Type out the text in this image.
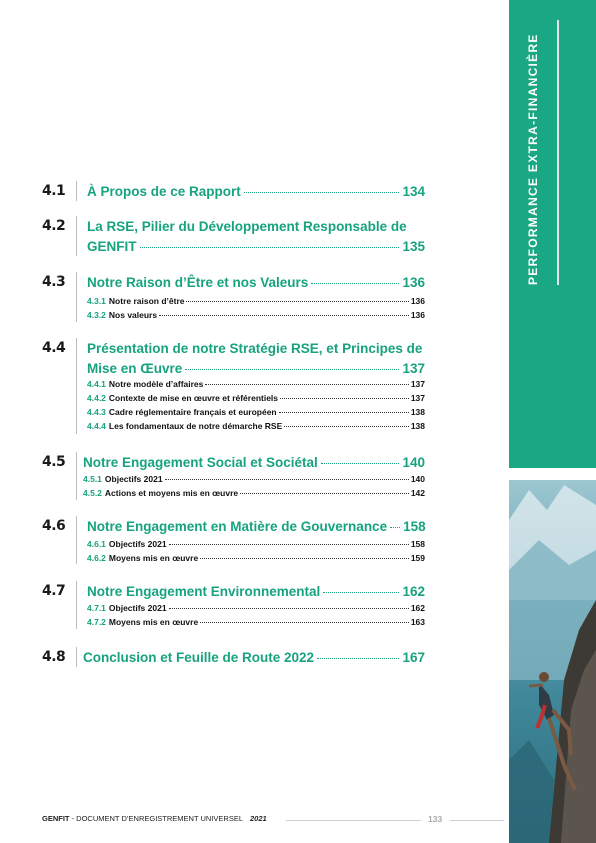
PERFORMANCE EXTRA-FINANCIÈRE
4.1	À Propos de ce Rapport	134
4.2	La RSE, Pilier du Développement Responsable de
GENFIT	135
4.3	Notre Raison d’Être et nos Valeurs	136
4.3.1 Notre raison d’être	136
4.3.2 Nos valeurs	136
4.4	Présentation de notre Stratégie RSE, et Principes de
Mise en Œuvre	137
4.4.1 Notre modèle d’affaires	137
4.4.2 Contexte de mise en œuvre et référentiels	137
4.4.3 Cadre réglementaire français et européen	138
4.4.4 Les fondamentaux de notre démarche RSE	138
4.5	Notre Engagement Social et Sociétal	140
4.5.1 Objectifs 2021	140
4.5.2 Actions et moyens mis en œuvre	142
4.6	Notre Engagement en Matière de Gouvernance 158
4.6.1 Objectifs 2021	158
4.6.2 Moyens mis en œuvre	159
4.7	Notre Engagement Environnemental	162
4.7.1 Objectifs 2021	162
4.7.2 Moyens mis en œuvre	163
4.8	Conclusion et Feuille de Route 2022	167
GENFIT - DOCUMENT D’ENREGISTREMENT UNIVERSEL 2021	133
